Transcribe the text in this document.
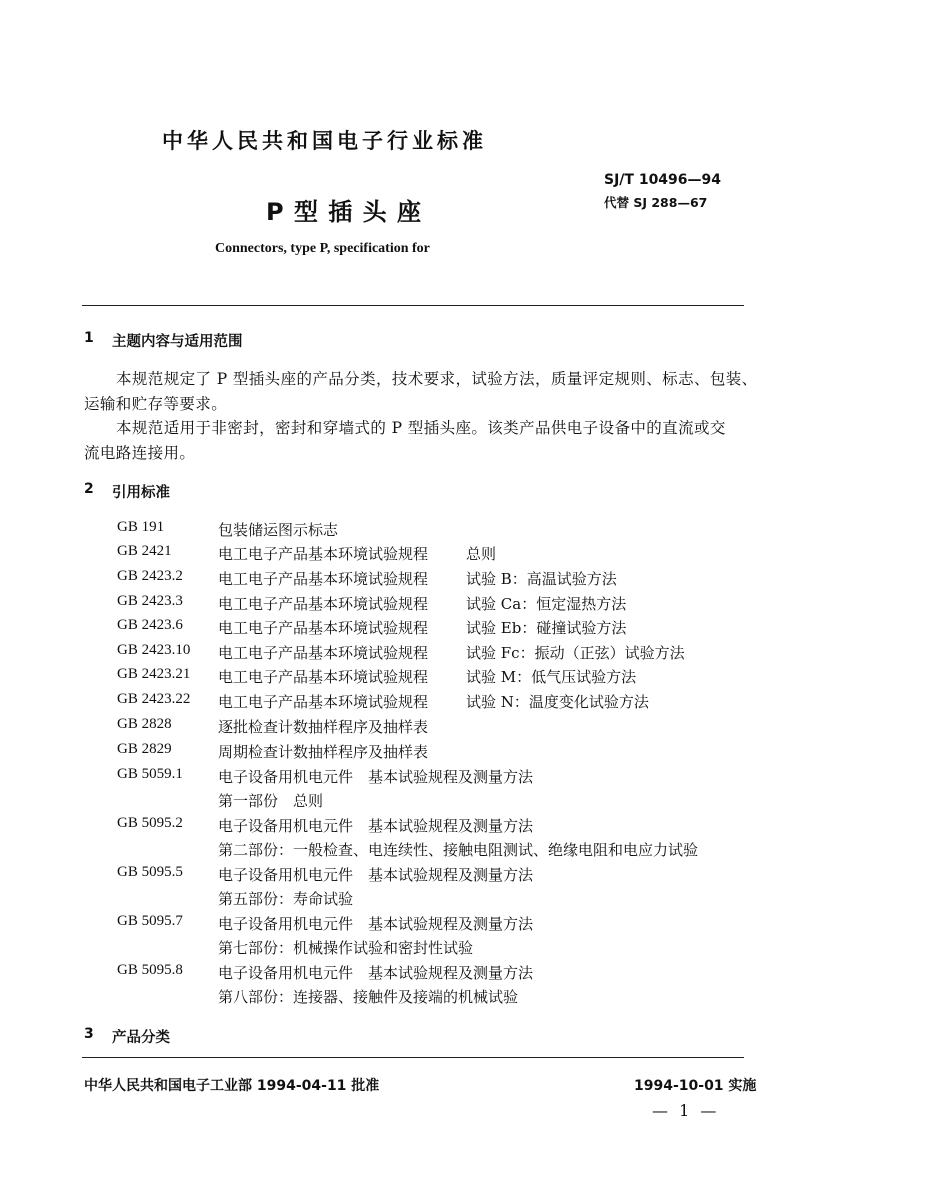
中华人民共和国电子行业标准
SJ/T 10496—94
代替 SJ 288—67
P 型 插 头 座
Connectors, type P, specification for
1 主题内容与适用范围
本规范规定了 P 型插头座的产品分类，技术要求，试验方法，质量评定规则、标志、包装、
运输和贮存等要求。
本规范适用于非密封，密封和穿墙式的 P 型插头座。该类产品供电子设备中的直流或交
流电路连接用。
2 引用标准
GB 191	包装储运图示标志
GB 2421	电工电子产品基本环境试验规程	总则
GB 2423.2 电工电子产品基本环境试验规程	试验 B：高温试验方法
GB 2423.3 电工电子产品基本环境试验规程	试验 Ca：恒定湿热方法
GB 2423.6 电工电子产品基本环境试验规程	试验 Eb：碰撞试验方法
GB 2423.10 电工电子产品基本环境试验规程	试验 Fc：振动（正弦）试验方法
GB 2423.21 电工电子产品基本环境试验规程	试验 M：低气压试验方法
GB 2423.22 电工电子产品基本环境试验规程	试验 N：温度变化试验方法
GB 2828	逐批检查计数抽样程序及抽样表
GB 2829	周期检查计数抽样程序及抽样表
GB 5059.1 电子设备用机电元件　基本试验规程及测量方法
第一部份　总则
GB 5095.2 电子设备用机电元件　基本试验规程及测量方法
第二部份：一般检查、电连续性、接触电阻测试、绝缘电阻和电应力试验
GB 5095.5 电子设备用机电元件　基本试验规程及测量方法
第五部份：寿命试验
GB 5095.7 电子设备用机电元件　基本试验规程及测量方法
第七部份：机械操作试验和密封性试验
GB 5095.8 电子设备用机电元件　基本试验规程及测量方法
第八部份：连接器、接触件及接端的机械试验
3 产品分类
中华人民共和国电子工业部 1994-04-11 批准	1994-10-01 实施
— 1 —
